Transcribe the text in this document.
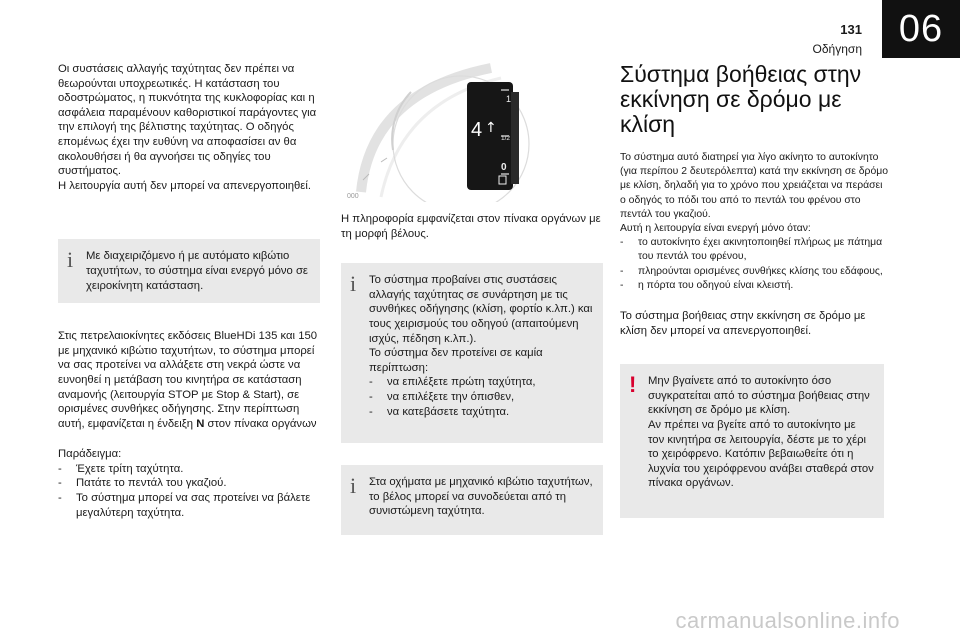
131
Οδήγηση 06

Οι συστάσεις αλλαγής ταχύτητας δεν πρέπει να θεωρούνται υποχρεωτικές. Η κατάσταση του οδοστρώματος, η πυκνότητα της κυκλοφορίας και η ασφάλεια παραμένουν καθοριστικοί παράγοντες για την επιλογή της βέλτιστης ταχύτητας. Ο οδηγός επομένως έχει την ευθύνη να αποφασίσει αν θα ακολουθήσει ή θα αγνοήσει τις οδηγίες του συστήματος.

Η λειτουργία αυτή δεν μπορεί να απενεργοποιηθεί.

i Με διαχειριζόμενο ή με αυτόματο κιβώτιο ταχυτήτων, το σύστημα είναι ενεργό μόνο σε χειροκίνητη κατάσταση.

Στις πετρελαιοκίνητες εκδόσεις BlueHDi 135 και 150 με μηχανικό κιβώτιο ταχυτήτων, το σύστημα μπορεί να σας προτείνει να αλλάξετε στη νεκρά ώστε να ευνοηθεί η μετάβαση του κινητήρα σε κατάσταση αναμονής (λειτουργία STOP με Stop & Start), σε ορισμένες συνθήκες οδήγησης. Στην περίπτωση αυτή, εμφανίζεται η ένδειξη N στον πίνακα οργάνων

Παράδειγμα:

- Έχετε τρίτη ταχύτητα.
- Πατάτε το πεντάλ του γκαζιού.
- Το σύστημα μπορεί να σας προτείνει να βάλετε μεγαλύτερη ταχύτητα.
1
1/2
0
4 ↑
000

Η πληροφορία εμφανίζεται στον πίνακα οργάνων με τη μορφή βέλους.

i Το σύστημα προβαίνει στις συστάσεις αλλαγής ταχύτητας σε συνάρτηση με τις συνθήκες οδήγησης (κλίση, φορτίο κ.λπ.) και τους χειρισμούς του οδηγού (απαιτούμενη ισχύς, πέδηση κ.λπ.).

Το σύστημα δεν προτείνει σε καμία περίπτωση:

- να επιλέξετε πρώτη ταχύτητα,
- να επιλέξετε την όπισθεν,
- να κατεβάσετε ταχύτητα.
i Στα οχήματα με μηχανικό κιβώτιο ταχυτήτων, το βέλος μπορεί να συνοδεύεται από τη συνιστώμενη ταχύτητα.

Σύστημα βοήθειας στην εκκίνηση σε δρόμο με κλίση

Το σύστημα αυτό διατηρεί για λίγο ακίνητο το αυτοκίνητο (για περίπου 2 δευτερόλεπτα) κατά την εκκίνηση σε δρόμο με κλίση, δηλαδή για το χρόνο που χρειάζεται να περάσει ο οδηγός το πόδι του από το πεντάλ του φρένου στο πεντάλ του γκαζιού.

Αυτή η λειτουργία είναι ενεργή μόνο όταν:

- το αυτοκίνητο έχει ακινητοποιηθεί πλήρως με πάτημα του πεντάλ του φρένου,
- πληρούνται ορισμένες συνθήκες κλίσης του εδάφους,
- η πόρτα του οδηγού είναι κλειστή.

Το σύστημα βοήθειας στην εκκίνηση σε δρόμο με κλίση δεν μπορεί να απενεργοποιηθεί.

! Μην βγαίνετε από το αυτοκίνητο όσο συγκρατείται από το σύστημα βοήθειας στην εκκίνηση σε δρόμο με κλίση.

Αν πρέπει να βγείτε από το αυτοκίνητο με τον κινητήρα σε λειτουργία, δέστε με το χέρι το χειρόφρενο. Κατόπιν βεβαιωθείτε ότι η λυχνία του χειρόφρενου ανάβει σταθερά στον πίνακα οργάνων.

carmanualsonline.info
